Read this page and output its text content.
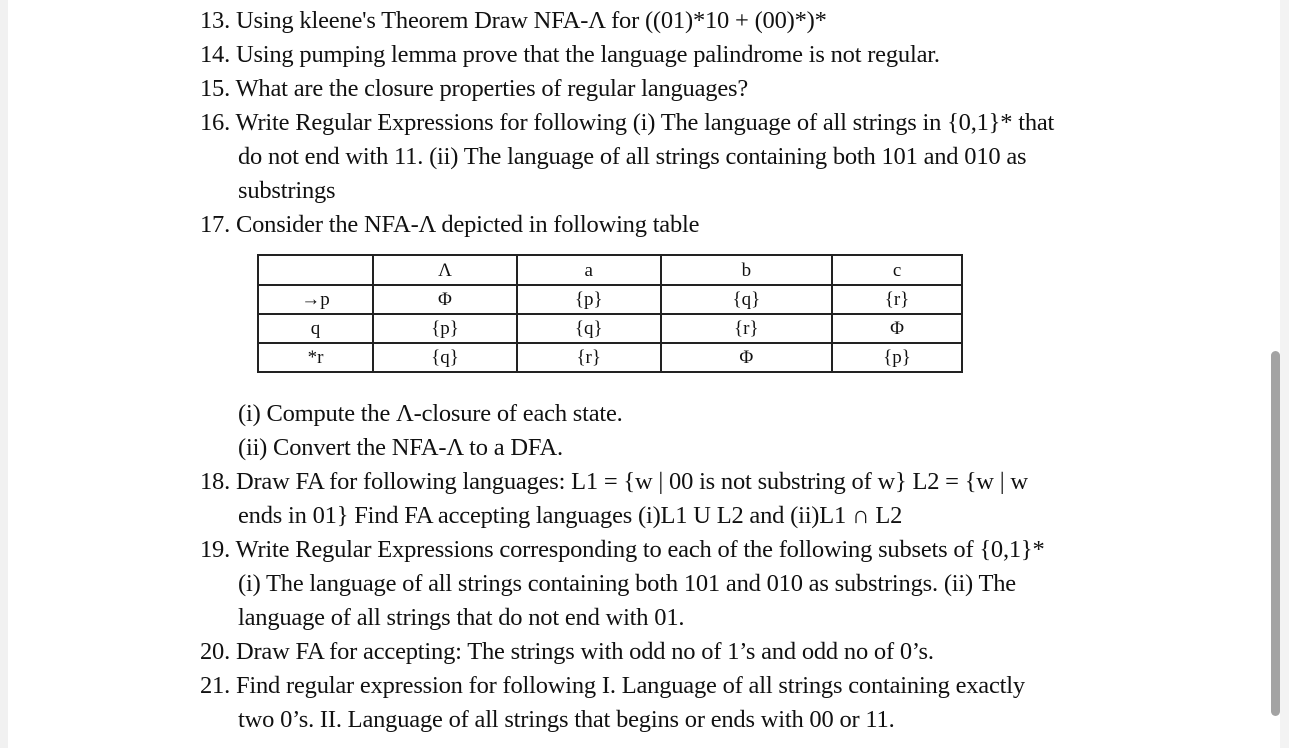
13. Using kleene's Theorem Draw NFA-Λ for ((01)*10 + (00)*)*
14. Using pumping lemma prove that the language palindrome is not regular.
15. What are the closure properties of regular languages?
16. Write Regular Expressions for following (i) The language of all strings in {0,1}* that
do not end with 11. (ii) The language of all strings containing both 101 and 010 as
substrings
17. Consider the NFA-Λ depicted in following table
	Λ	a	b	c
→p	Φ	{p}	{q}	{r}
q	{p}	{q}	{r}	Φ
*r	{q}	{r}	Φ	{p}
(i) Compute the Λ-closure of each state.
(ii) Convert the NFA-Λ to a DFA.
18. Draw FA for following languages: L1 = {w | 00 is not substring of w} L2 = {w | w
ends in 01} Find FA accepting languages (i)L1 U L2 and (ii)L1 ∩ L2
19. Write Regular Expressions corresponding to each of the following subsets of {0,1}*
(i) The language of all strings containing both 101 and 010 as substrings. (ii) The
language of all strings that do not end with 01.
20. Draw FA for accepting: The strings with odd no of 1’s and odd no of 0’s.
21. Find regular expression for following I. Language of all strings containing exactly
two 0’s. II. Language of all strings that begins or ends with 00 or 11.
